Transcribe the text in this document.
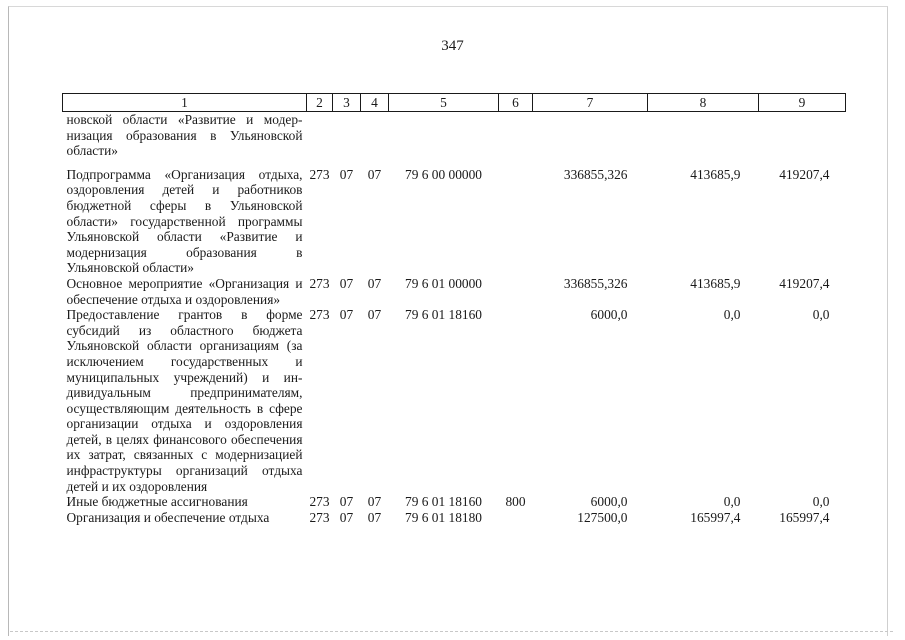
347
1	2	3	4	5	6	7	8	9
новской области «Развитие и модернизация образования в Ульяновской области»								

Подпрограмма «Организация отдыха, оздоровления детей и работников бюджетной сферы в Ульяновской области» государственной программы Ульяновской области «Развитие и модернизация образования в Ульяновской области»	273	07	07	79 6 00 00000		336855,326	413685,9	419207,4
Основное мероприятие «Организация и обеспечение отдыха и оздоровления»	273	07	07	79 6 01 00000		336855,326	413685,9	419207,4
Предоставление грантов в форме субсидий из областного бюджета Ульяновской области организациям (за исключением государственных и муниципальных учреждений) и индивидуальным предпринимателям, осуществляющим деятельность в сфере организации отдыха и оздоровления детей, в целях финансового обеспечения их затрат, связанных с модернизацией инфраструктуры организаций отдыха детей и их оздоровления	273	07	07	79 6 01 18160		6000,0	0,0	0,0
Иные бюджетные ассигнования	273	07	07	79 6 01 18160	800	6000,0	0,0	0,0
Организация и обеспечение отдыха	273	07	07	79 6 01 18180		127500,0	165997,4	165997,4
